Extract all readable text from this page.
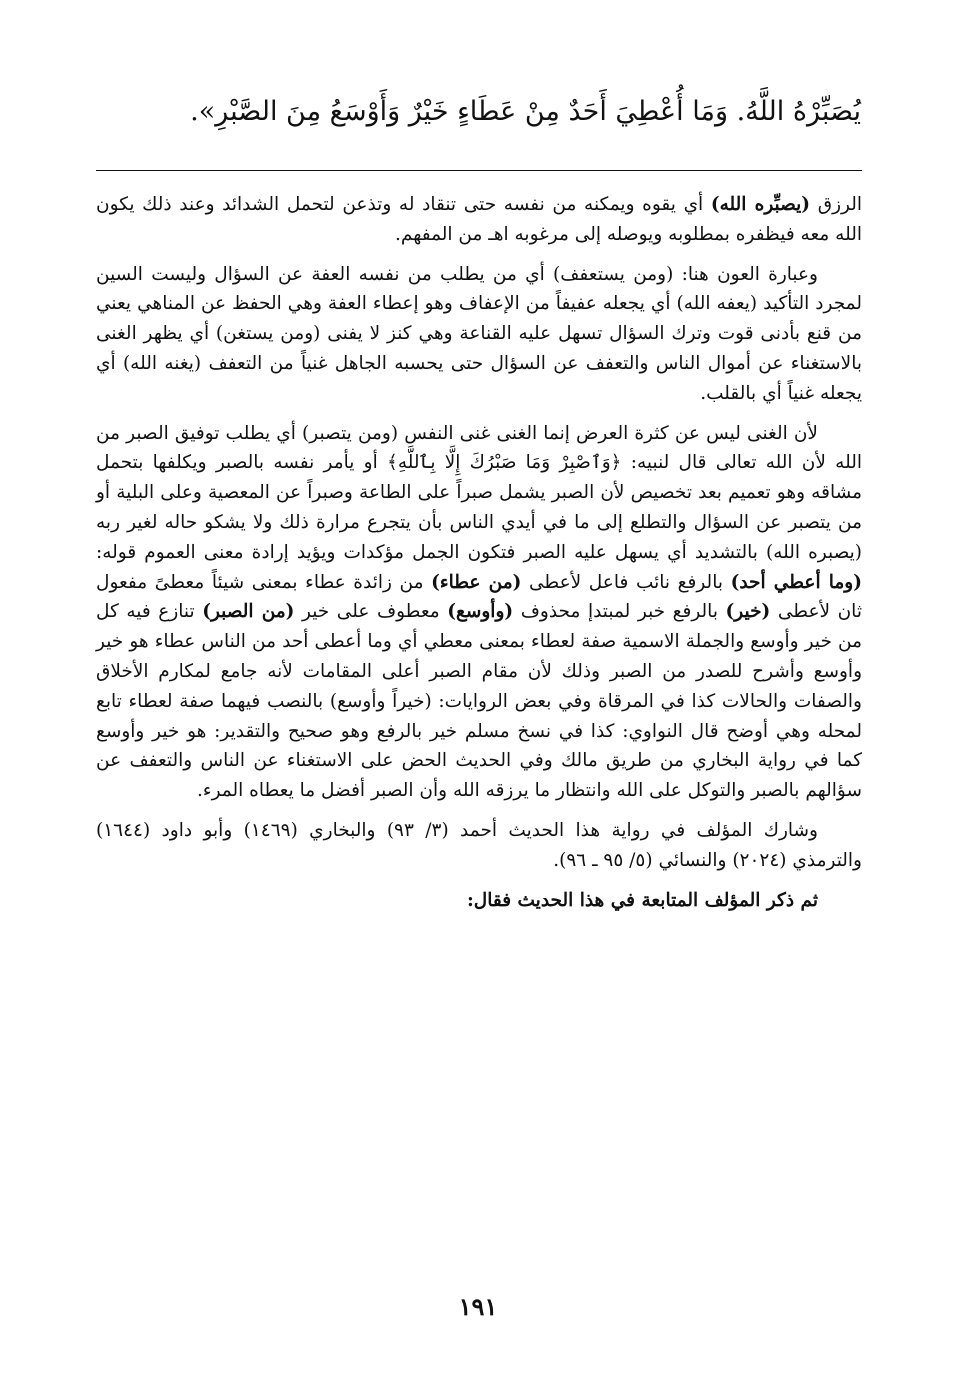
يُصَبِّرْهُ اللَّهُ. وَمَا أُعْطِيَ أَحَدٌ مِنْ عَطَاءٍ خَيْرٌ وَأَوْسَعُ مِنَ الصَّبْرِ».

الرزق (يصبِّره الله) أي يقوه ويمكنه من نفسه حتى تنقاد له وتذعن لتحمل الشدائد وعند ذلك يكون الله معه فيظفره بمطلوبه ويوصله إلى مرغوبه اهـ من المفهم.

وعبارة العون هنا: (ومن يستعفف) أي من يطلب من نفسه العفة عن السؤال وليست السين لمجرد التأكيد (يعفه الله) أي يجعله عفيفاً من الإعفاف وهو إعطاء العفة وهي الحفظ عن المناهي يعني من قنع بأدنى قوت وترك السؤال تسهل عليه القناعة وهي كنز لا يفنى (ومن يستغن) أي يظهر الغنى بالاستغناء عن أموال الناس والتعفف عن السؤال حتى يحسبه الجاهل غنياً من التعفف (يغنه الله) أي يجعله غنياً أي بالقلب.

لأن الغنى ليس عن كثرة العرض إنما الغنى غنى النفس (ومن يتصبر) أي يطلب توفيق الصبر من الله لأن الله تعالى قال لنبيه: ﴿وَٱصْبِرْ وَمَا صَبْرُكَ إِلَّا بِٱللَّهِ﴾ أو يأمر نفسه بالصبر ويكلفها بتحمل مشاقه وهو تعميم بعد تخصيص لأن الصبر يشمل صبراً على الطاعة وصبراً عن المعصية وعلى البلية أو من يتصبر عن السؤال والتطلع إلى ما في أيدي الناس بأن يتجرع مرارة ذلك ولا يشكو حاله لغير ربه (يصبره الله) بالتشديد أي يسهل عليه الصبر فتكون الجمل مؤكدات ويؤيد إرادة معنى العموم قوله: (وما أعطي أحد) بالرفع نائب فاعل لأعطى (من عطاء) من زائدة عطاء بمعنى شيئاً معطىً مفعول ثان لأعطى (خير) بالرفع خبر لمبتدإ محذوف (وأوسع) معطوف على خير (من الصبر) تنازع فيه كل من خير وأوسع والجملة الاسمية صفة لعطاء بمعنى معطي أي وما أعطى أحد من الناس عطاء هو خير وأوسع وأشرح للصدر من الصبر وذلك لأن مقام الصبر أعلى المقامات لأنه جامع لمكارم الأخلاق والصفات والحالات كذا في المرقاة وفي بعض الروايات: (خيراً وأوسع) بالنصب فيهما صفة لعطاء تابع لمحله وهي أوضح قال النواوي: كذا في نسخ مسلم خير بالرفع وهو صحيح والتقدير: هو خير وأوسع كما في رواية البخاري من طريق مالك وفي الحديث الحض على الاستغناء عن الناس والتعفف عن سؤالهم بالصبر والتوكل على الله وانتظار ما يرزقه الله وأن الصبر أفضل ما يعطاه المرء.

وشارك المؤلف في رواية هذا الحديث أحمد (٣/ ٩٣) والبخاري (١٤٦٩) وأبو داود (١٦٤٤) والترمذي (٢٠٢٤) والنسائي (٥/ ٩٥ ـ ٩٦).

ثم ذكر المؤلف المتابعة في هذا الحديث فقال:

١٩١
